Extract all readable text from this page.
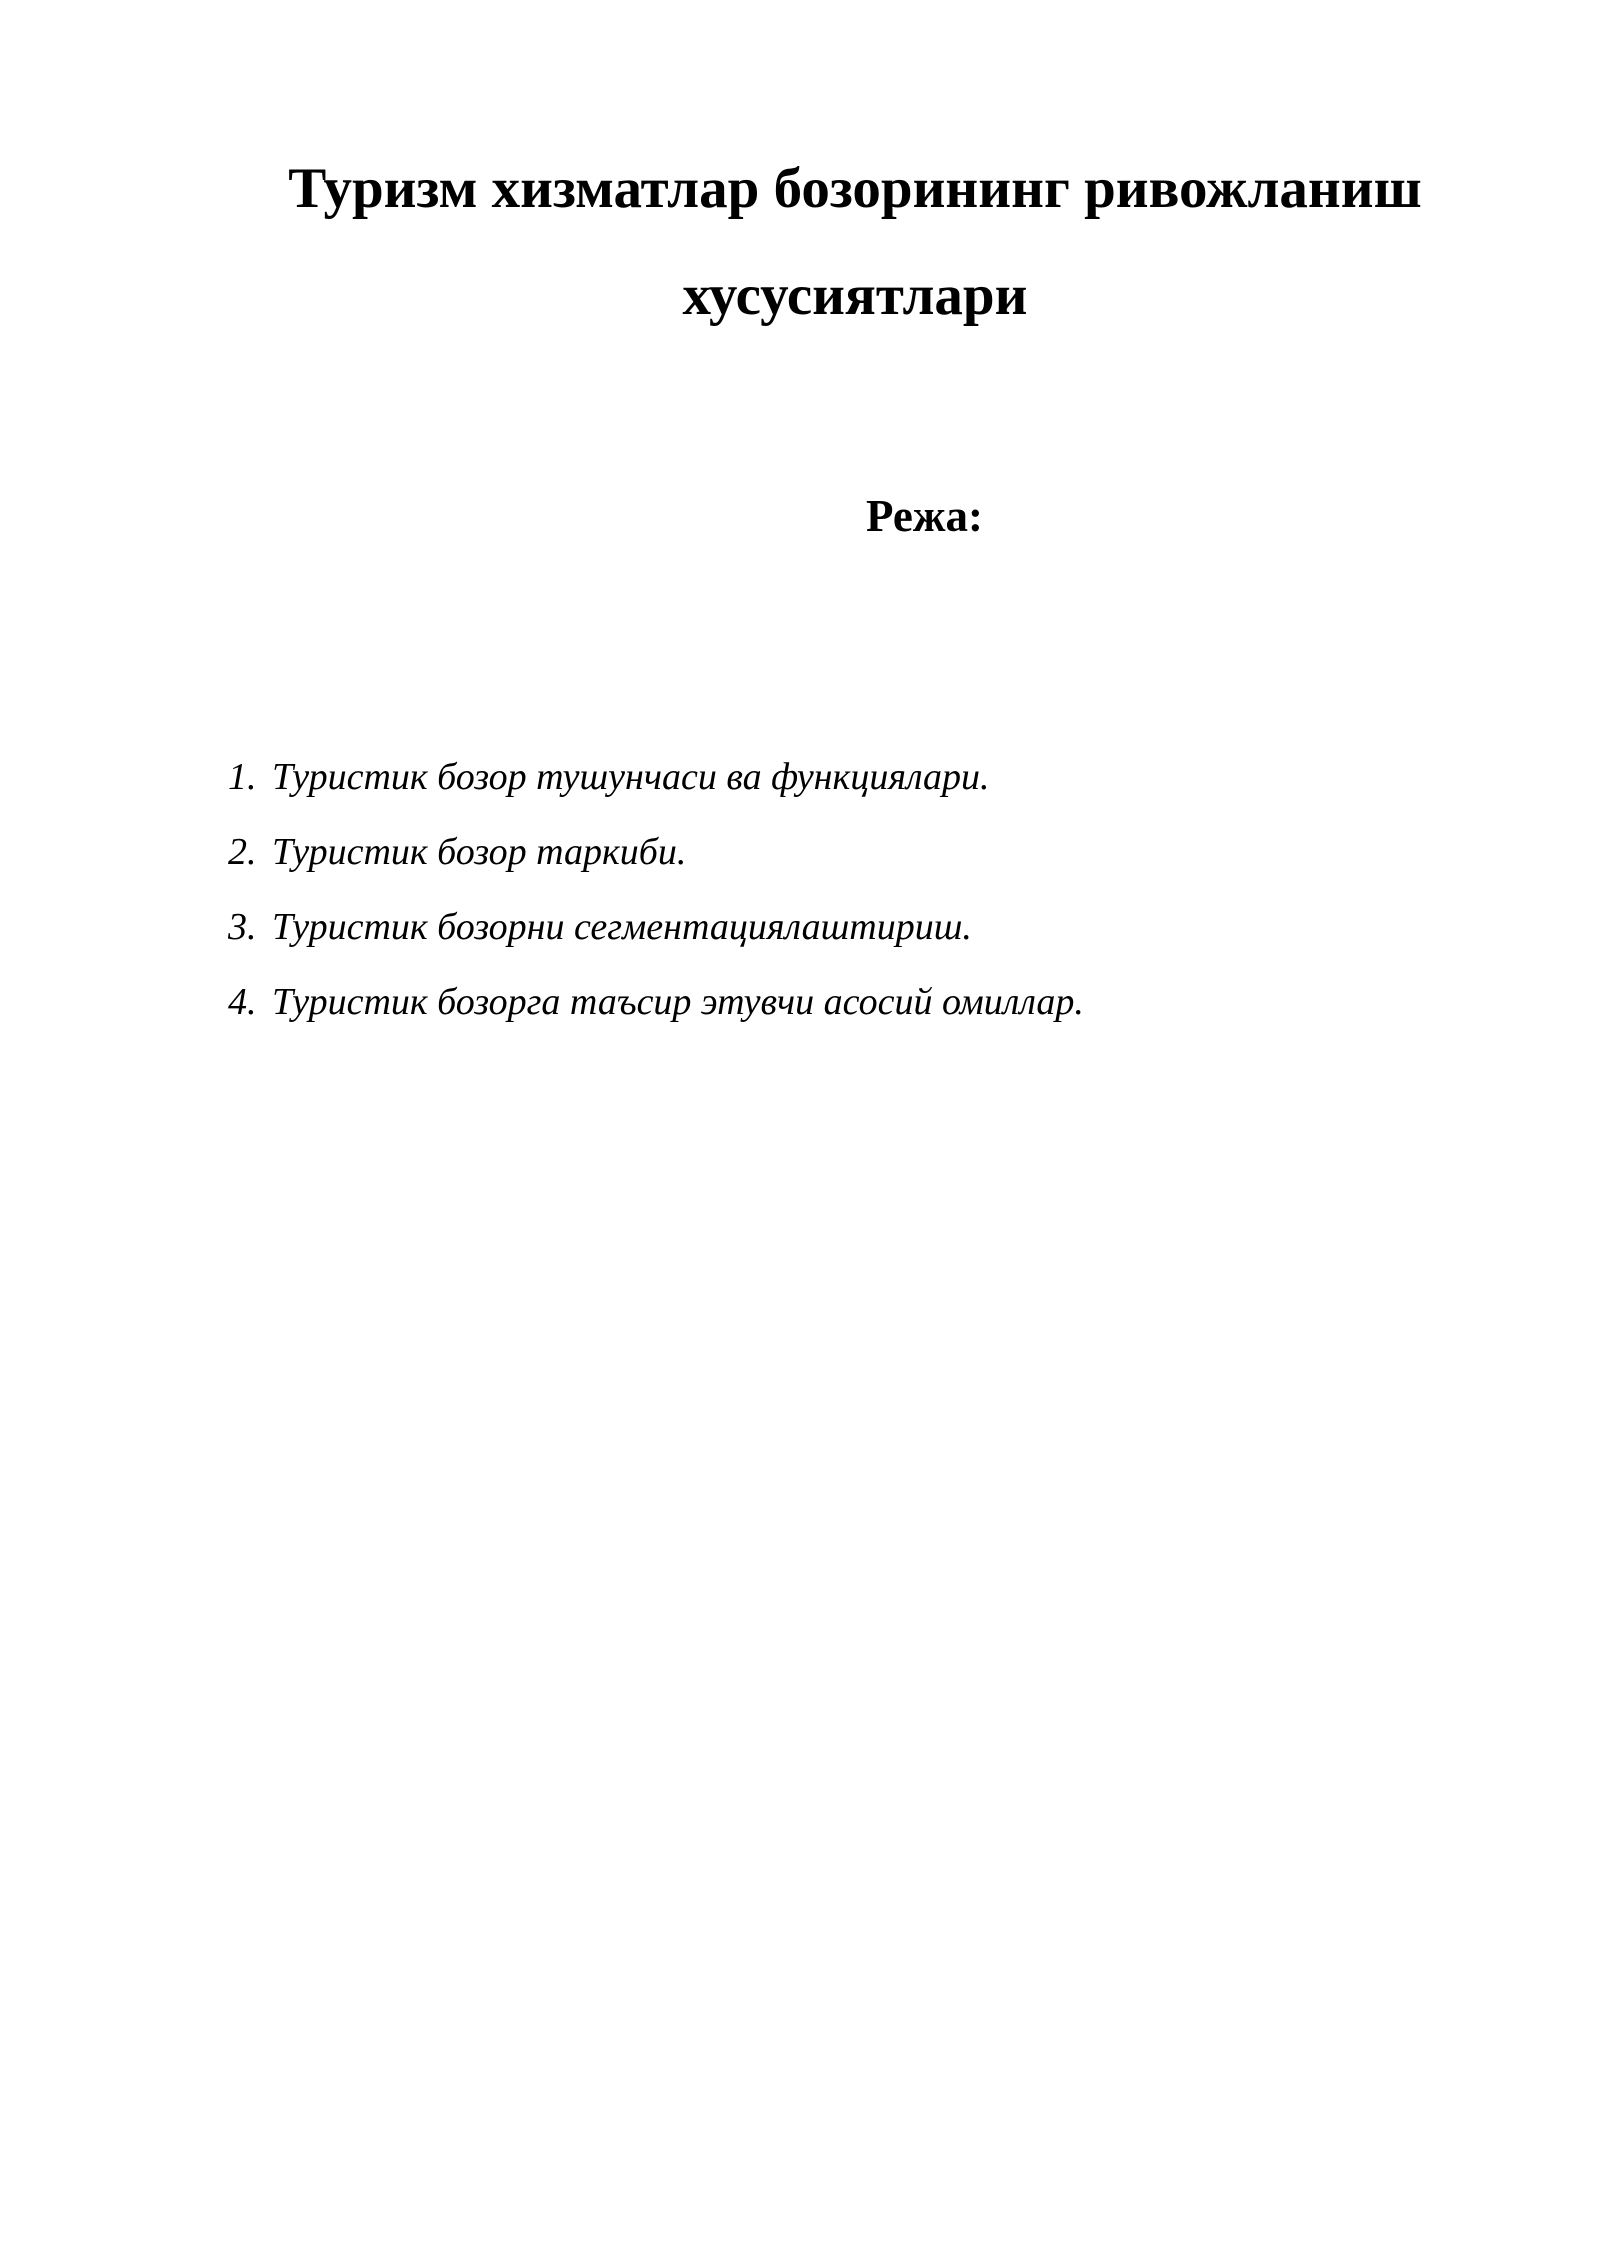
Туризм хизматлар бозорининг ривожланиш
хусусиятлари
Режа:
1. Туристик бозор тушунчаси ва функциялари.
2. Туристик бозор таркиби.
3. Туристик бозорни сегментациялаштириш.
4. Туристик бозорга таъсир этувчи асосий омиллар.
